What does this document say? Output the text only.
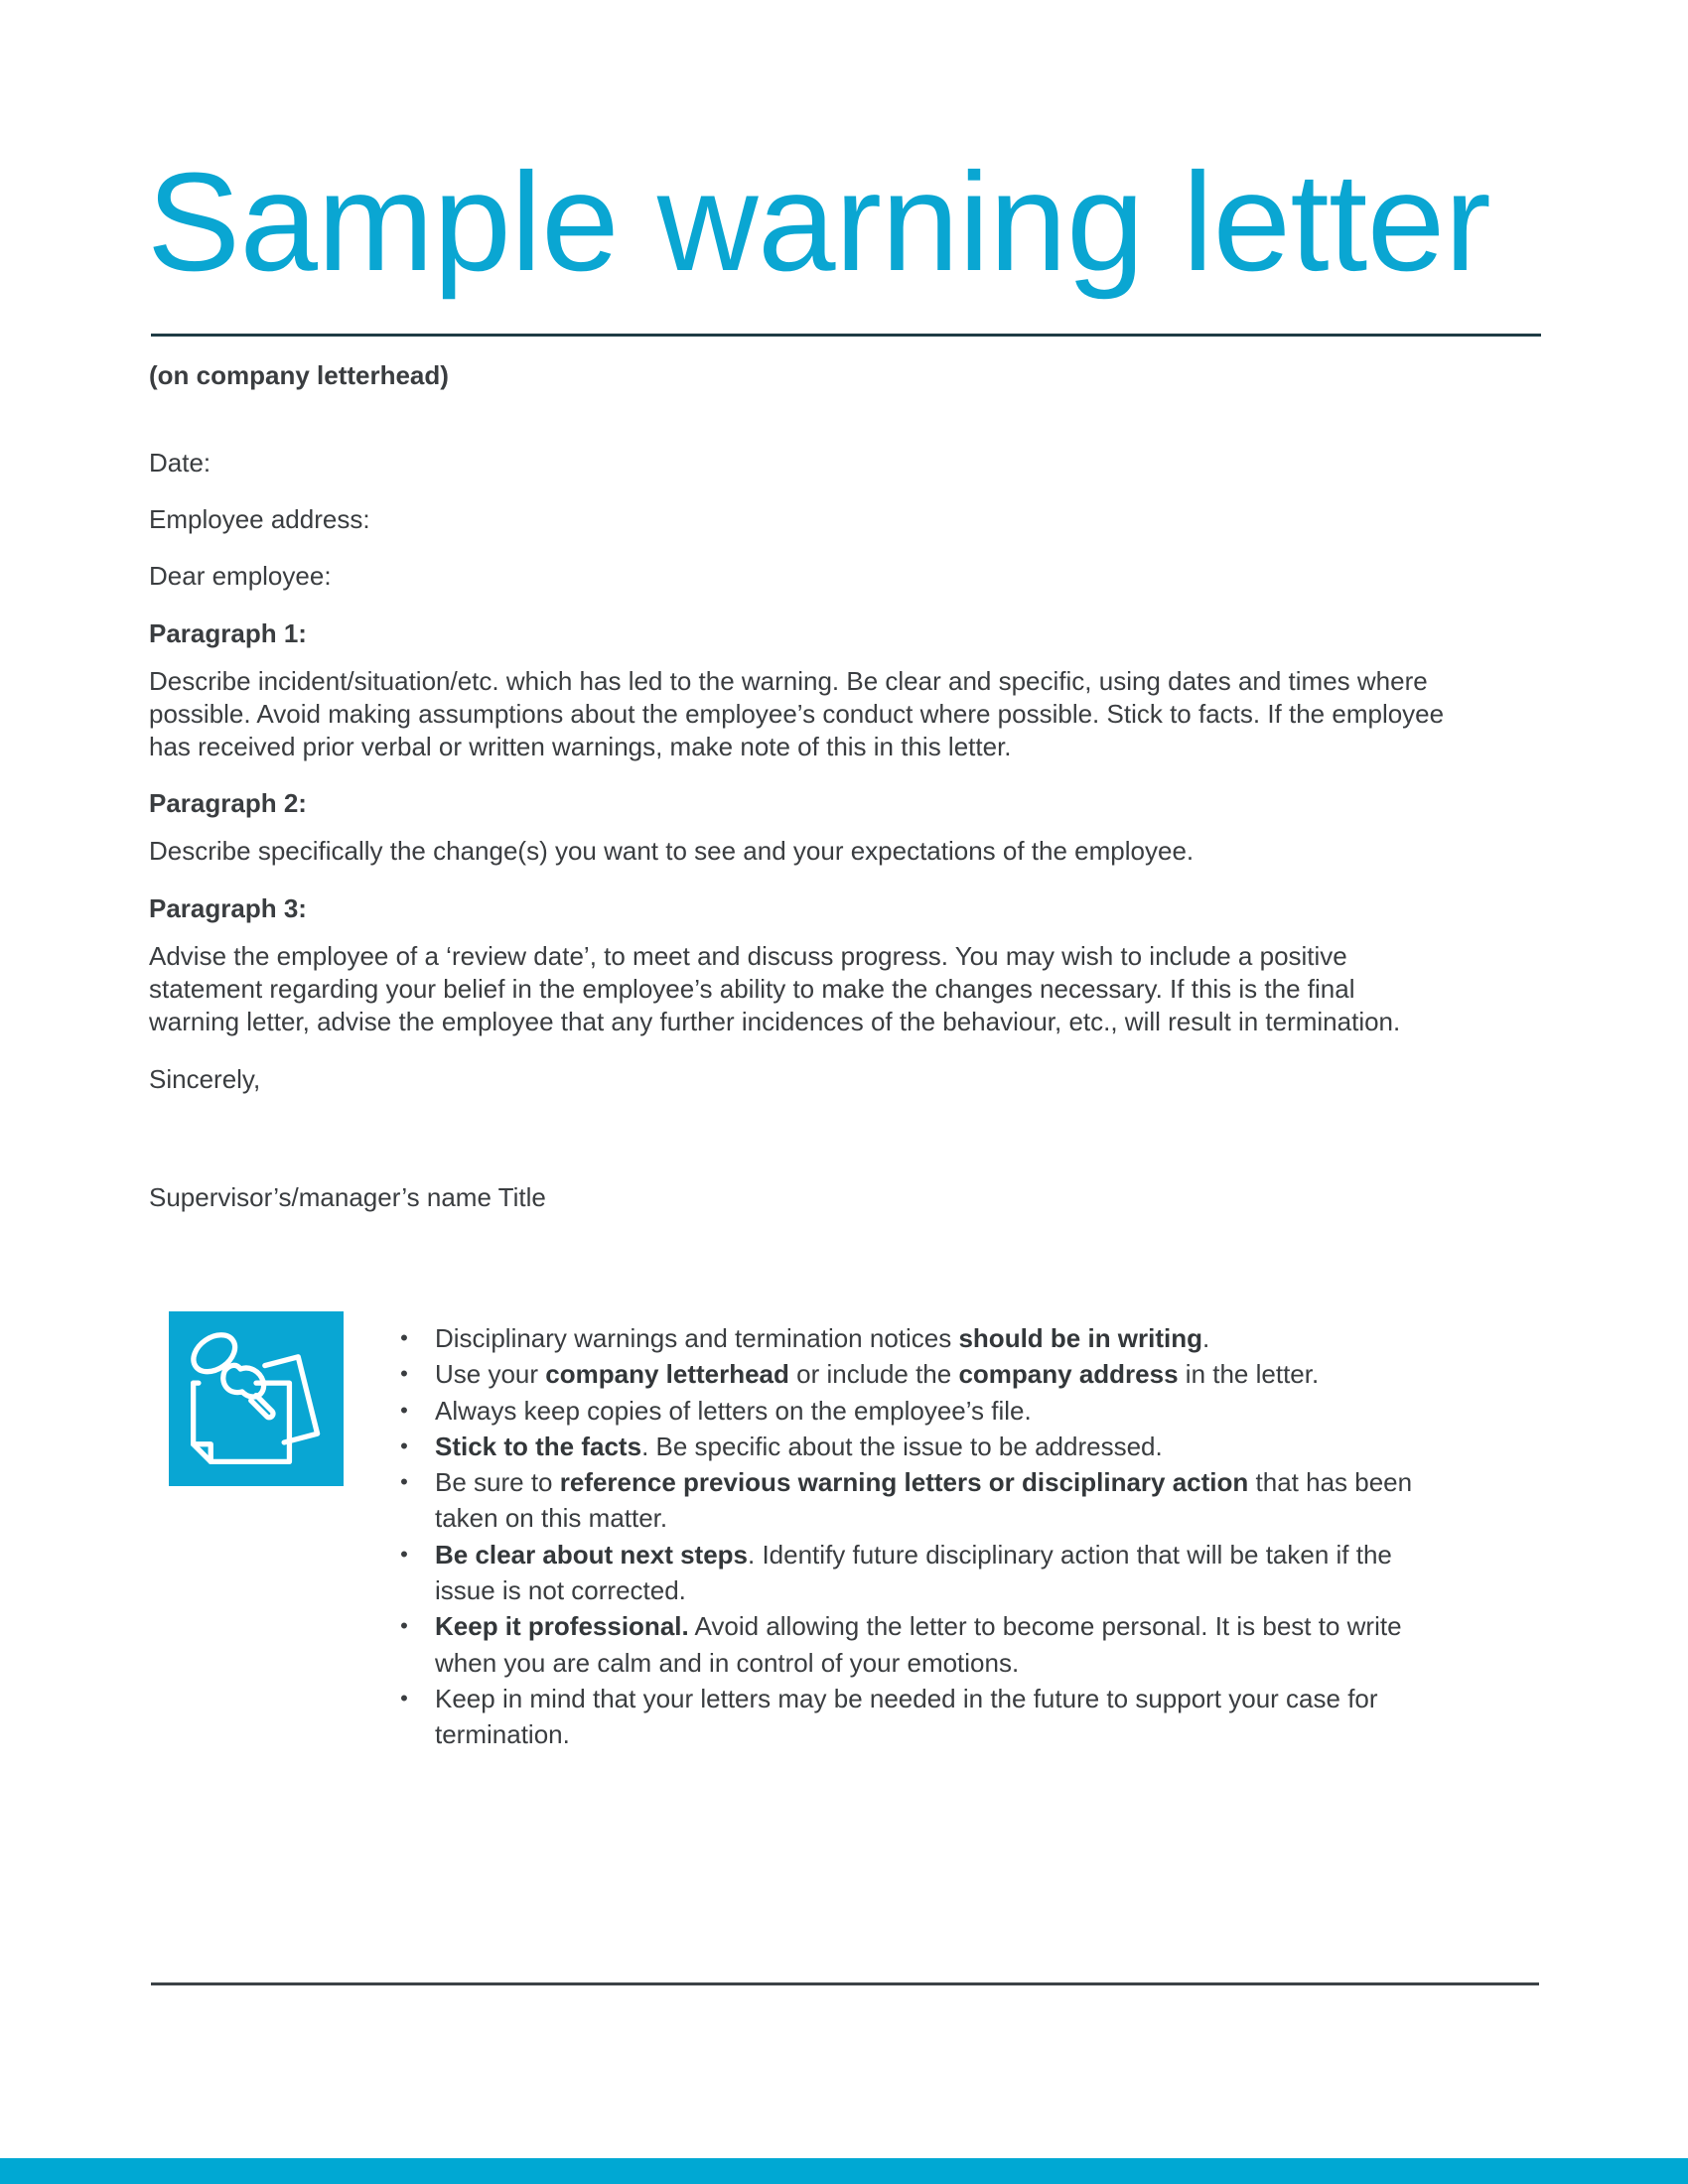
Sample warning letter

(on company letterhead)

Date:

Employee address:

Dear employee:

Paragraph 1:

Describe incident/situation/etc. which has led to the warning. Be clear and specific, using dates and times where
possible. Avoid making assumptions about the employee’s conduct where possible. Stick to facts. If the employee
has received prior verbal or written warnings, make note of this in this letter.

Paragraph 2:

Describe specifically the change(s) you want to see and your expectations of the employee.

Paragraph 3:

Advise the employee of a ‘review date’, to meet and discuss progress. You may wish to include a positive
statement regarding your belief in the employee’s ability to make the changes necessary. If this is the final
warning letter, advise the employee that any further incidences of the behaviour, etc., will result in termination.

Sincerely,

Supervisor’s/manager’s name Title

• Disciplinary warnings and termination notices should be in writing.
• Use your company letterhead or include the company address in the letter.
• Always keep copies of letters on the employee’s file.
• Stick to the facts. Be specific about the issue to be addressed.
• Be sure to reference previous warning letters or disciplinary action that has been
taken on this matter.
• Be clear about next steps. Identify future disciplinary action that will be taken if the
issue is not corrected.
• Keep it professional. Avoid allowing the letter to become personal. It is best to write
when you are calm and in control of your emotions.
• Keep in mind that your letters may be needed in the future to support your case for
termination.
